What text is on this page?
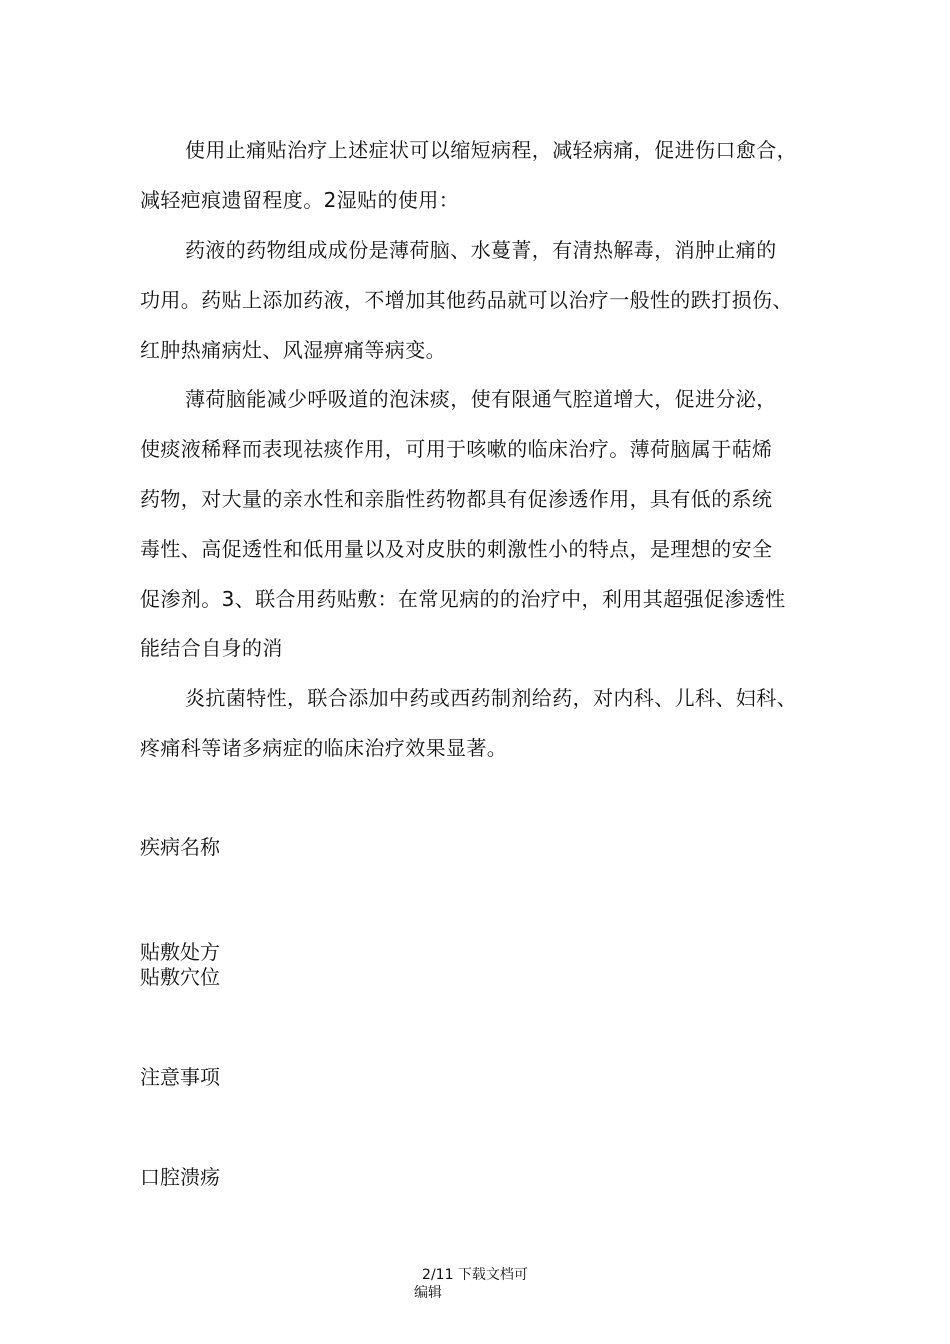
使用止痛贴治疗上述症状可以缩短病程，减轻病痛，促进伤口愈合，
减轻疤痕遗留程度。2湿贴的使用：
药液的药物组成成份是薄荷脑、水蔓菁，有清热解毒，消肿止痛的
功用。药贴上添加药液，不增加其他药品就可以治疗一般性的跌打损伤、
红肿热痛病灶、风湿痹痛等病变。
薄荷脑能减少呼吸道的泡沫痰，使有限通气腔道增大，促进分泌，
使痰液稀释而表现祛痰作用，可用于咳嗽的临床治疗。薄荷脑属于萜烯
药物，对大量的亲水性和亲脂性药物都具有促渗透作用，具有低的系统
毒性、高促透性和低用量以及对皮肤的刺激性小的特点，是理想的安全
促渗剂。3、联合用药贴敷：在常见病的的治疗中，利用其超强促渗透性
能结合自身的消
炎抗菌特性，联合添加中药或西药制剂给药，对内科、儿科、妇科、
疼痛科等诸多病症的临床治疗效果显著。
疾病名称
贴敷处方
贴敷穴位
注意事项
口腔溃疡
2/11 下载文档可
编辑
